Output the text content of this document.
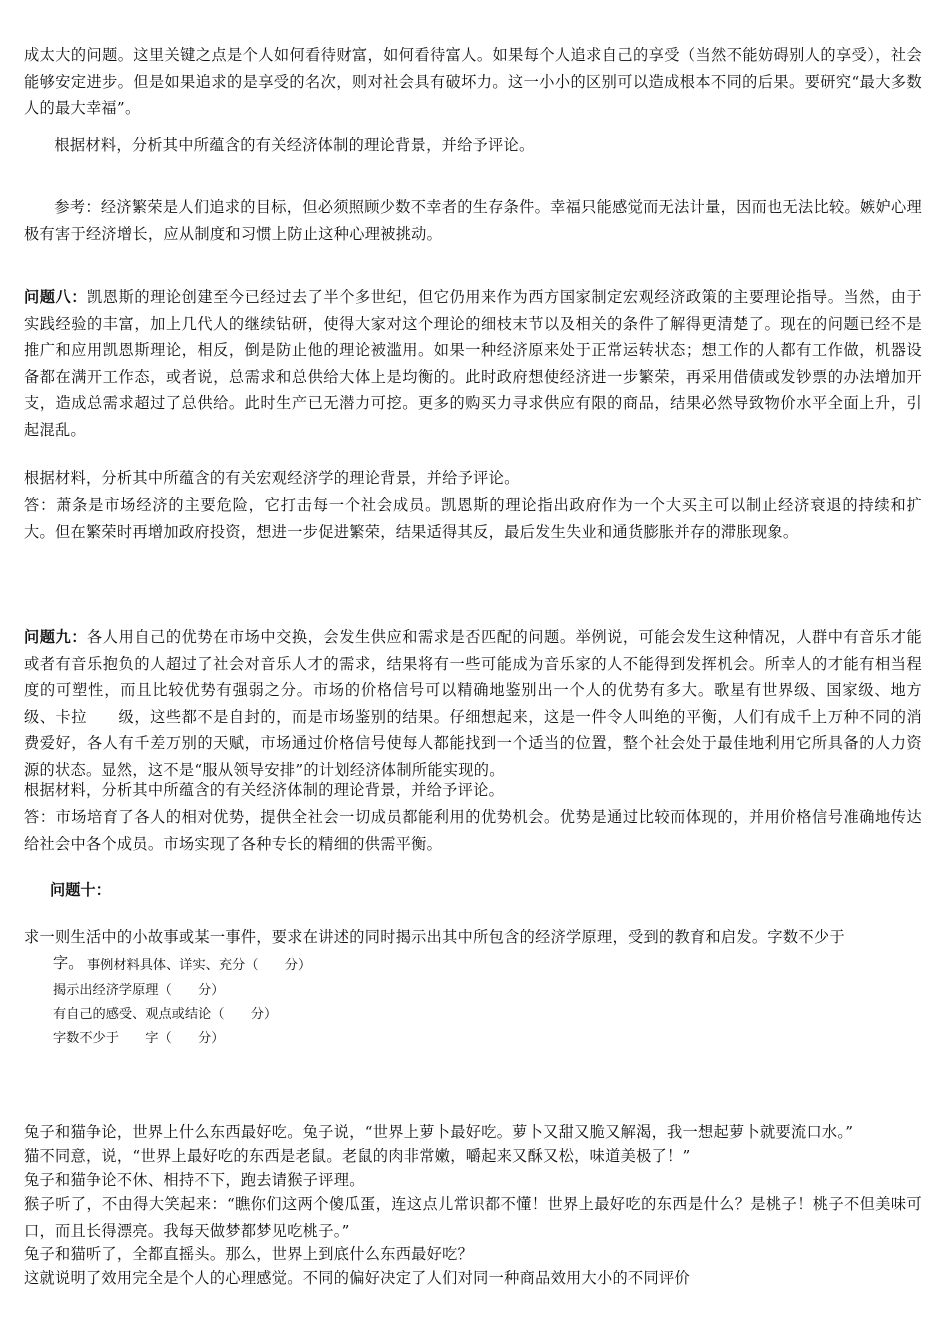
成太大的问题。这里关键之点是个人如何看待财富，如何看待富人。如果每个人追求自己的享受（当然不能妨碍别人的享受），社会能够安定进步。但是如果追求的是享受的名次，则对社会具有破坏力。这一小小的区别可以造成根本不同的后果。要研究“最大多数人的最大幸福”。

根据材料，分析其中所蕴含的有关经济体制的理论背景，并给予评论。

参考：经济繁荣是人们追求的目标，但必须照顾少数不幸者的生存条件。幸福只能感觉而无法计量，因而也无法比较。嫉妒心理极有害于经济增长，应从制度和习惯上防止这种心理被挑动。

问题八：凯恩斯的理论创建至今已经过去了半个多世纪，但它仍用来作为西方国家制定宏观经济政策的主要理论指导。当然，由于实践经验的丰富，加上几代人的继续钻研，使得大家对这个理论的细枝末节以及相关的条件了解得更清楚了。现在的问题已经不是推广和应用凯恩斯理论，相反，倒是防止他的理论被滥用。如果一种经济原来处于正常运转状态；想工作的人都有工作做，机器设备都在满开工作态，或者说，总需求和总供给大体上是均衡的。此时政府想使经济进一步繁荣，再采用借债或发钞票的办法增加开支，造成总需求超过了总供给。此时生产已无潜力可挖。更多的购买力寻求供应有限的商品，结果必然导致物价水平全面上升，引起混乱。

根据材料，分析其中所蕴含的有关宏观经济学的理论背景，并给予评论。

答：萧条是市场经济的主要危险，它打击每一个社会成员。凯恩斯的理论指出政府作为一个大买主可以制止经济衰退的持续和扩大。但在繁荣时再增加政府投资，想进一步促进繁荣，结果适得其反，最后发生失业和通货膨胀并存的滞胀现象。

问题九：各人用自己的优势在市场中交换，会发生供应和需求是否匹配的问题。举例说，可能会发生这种情况，人群中有音乐才能或者有音乐抱负的人超过了社会对音乐人才的需求，结果将有一些可能成为音乐家的人不能得到发挥机会。所幸人的才能有相当程度的可塑性，而且比较优势有强弱之分。市场的价格信号可以精确地鉴别出一个人的优势有多大。歌星有世界级、国家级、地方级、卡拉　　级，这些都不是自封的，而是市场鉴别的结果。仔细想起来，这是一件令人叫绝的平衡，人们有成千上万种不同的消费爱好，各人有千差万别的天赋，市场通过价格信号使每人都能找到一个适当的位置，整个社会处于最佳地利用它所具备的人力资源的状态。显然，这不是“服从领导安排”的计划经济体制所能实现的。

根据材料，分析其中所蕴含的有关经济体制的理论背景，并给予评论。

答：市场培育了各人的相对优势，提供全社会一切成员都能利用的优势机会。优势是通过比较而体现的，并用价格信号准确地传达给社会中各个成员。市场实现了各种专长的精细的供需平衡。

问题十：

求一则生活中的小故事或某一事件，要求在讲述的同时揭示出其中所包含的经济学原理，受到的教育和启发。字数不少于

字。 事例材料具体、详实、充分（　　分）

揭示出经济学原理（　　分）

有自己的感受、观点或结论（　　分）

字数不少于　　字（　　分）

兔子和猫争论，世界上什么东西最好吃。兔子说，“世界上萝卜最好吃。萝卜又甜又脆又解渴，我一想起萝卜就要流口水。”

猫不同意，说，“世界上最好吃的东西是老鼠。老鼠的肉非常嫩，嚼起来又酥又松，味道美极了！”

兔子和猫争论不休、相持不下，跑去请猴子评理。

猴子听了，不由得大笑起来：“瞧你们这两个傻瓜蛋，连这点儿常识都不懂！世界上最好吃的东西是什么？是桃子！桃子不但美味可口，而且长得漂亮。我每天做梦都梦见吃桃子。”

兔子和猫听了，全都直摇头。那么，世界上到底什么东西最好吃？

这就说明了效用完全是个人的心理感觉。不同的偏好决定了人们对同一种商品效用大小的不同评价
